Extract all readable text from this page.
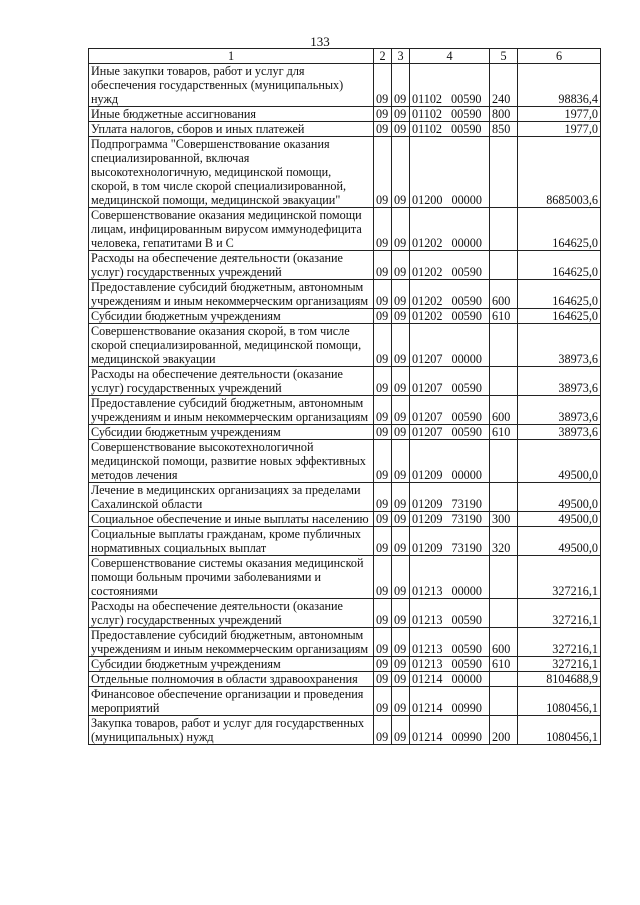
133
1	2	3	4	5	6
Иные закупки товаров, работ и услуг для обеспечения государственных (муниципальных) нужд	09	09	01102 00590	240	98836,4
Иные бюджетные ассигнования	09	09	01102 00590	800	1977,0
Уплата налогов, сборов и иных платежей	09	09	01102 00590	850	1977,0
Подпрограмма "Совершенствование оказания специализированной, включая высокотехнологичную, медицинской помощи, скорой, в том числе скорой специализированной, медицинской помощи, медицинской эвакуации"	09	09	01200 00000		8685003,6
Совершенствование оказания медицинской помощи лицам, инфицированным вирусом иммунодефицита человека, гепатитами В и С	09	09	01202 00000		164625,0
Расходы на обеспечение деятельности (оказание услуг) государственных учреждений	09	09	01202 00590		164625,0
Предоставление субсидий бюджетным, автономным учреждениям и иным некоммерческим организациям	09	09	01202 00590	600	164625,0
Субсидии бюджетным учреждениям	09	09	01202 00590	610	164625,0
Совершенствование оказания скорой, в том числе скорой специализированной, медицинской помощи, медицинской эвакуации	09	09	01207 00000		38973,6
Расходы на обеспечение деятельности (оказание услуг) государственных учреждений	09	09	01207 00590		38973,6
Предоставление субсидий бюджетным, автономным учреждениям и иным некоммерческим организациям	09	09	01207 00590	600	38973,6
Субсидии бюджетным учреждениям	09	09	01207 00590	610	38973,6
Совершенствование высокотехнологичной медицинской помощи, развитие новых эффективных методов лечения	09	09	01209 00000		49500,0
Лечение в медицинских организациях за пределами Сахалинской области	09	09	01209 73190		49500,0
Социальное обеспечение и иные выплаты населению	09	09	01209 73190	300	49500,0
Социальные выплаты гражданам, кроме публичных нормативных социальных выплат	09	09	01209 73190	320	49500,0
Совершенствование системы оказания медицинской помощи больным прочими заболеваниями и состояниями	09	09	01213 00000		327216,1
Расходы на обеспечение деятельности (оказание услуг) государственных учреждений	09	09	01213 00590		327216,1
Предоставление субсидий бюджетным, автономным учреждениям и иным некоммерческим организациям	09	09	01213 00590	600	327216,1
Субсидии бюджетным учреждениям	09	09	01213 00590	610	327216,1
Отдельные полномочия в области здравоохранения	09	09	01214 00000		8104688,9
Финансовое обеспечение организации и проведения мероприятий	09	09	01214 00990		1080456,1
Закупка товаров, работ и услуг для государственных (муниципальных) нужд	09	09	01214 00990	200	1080456,1
